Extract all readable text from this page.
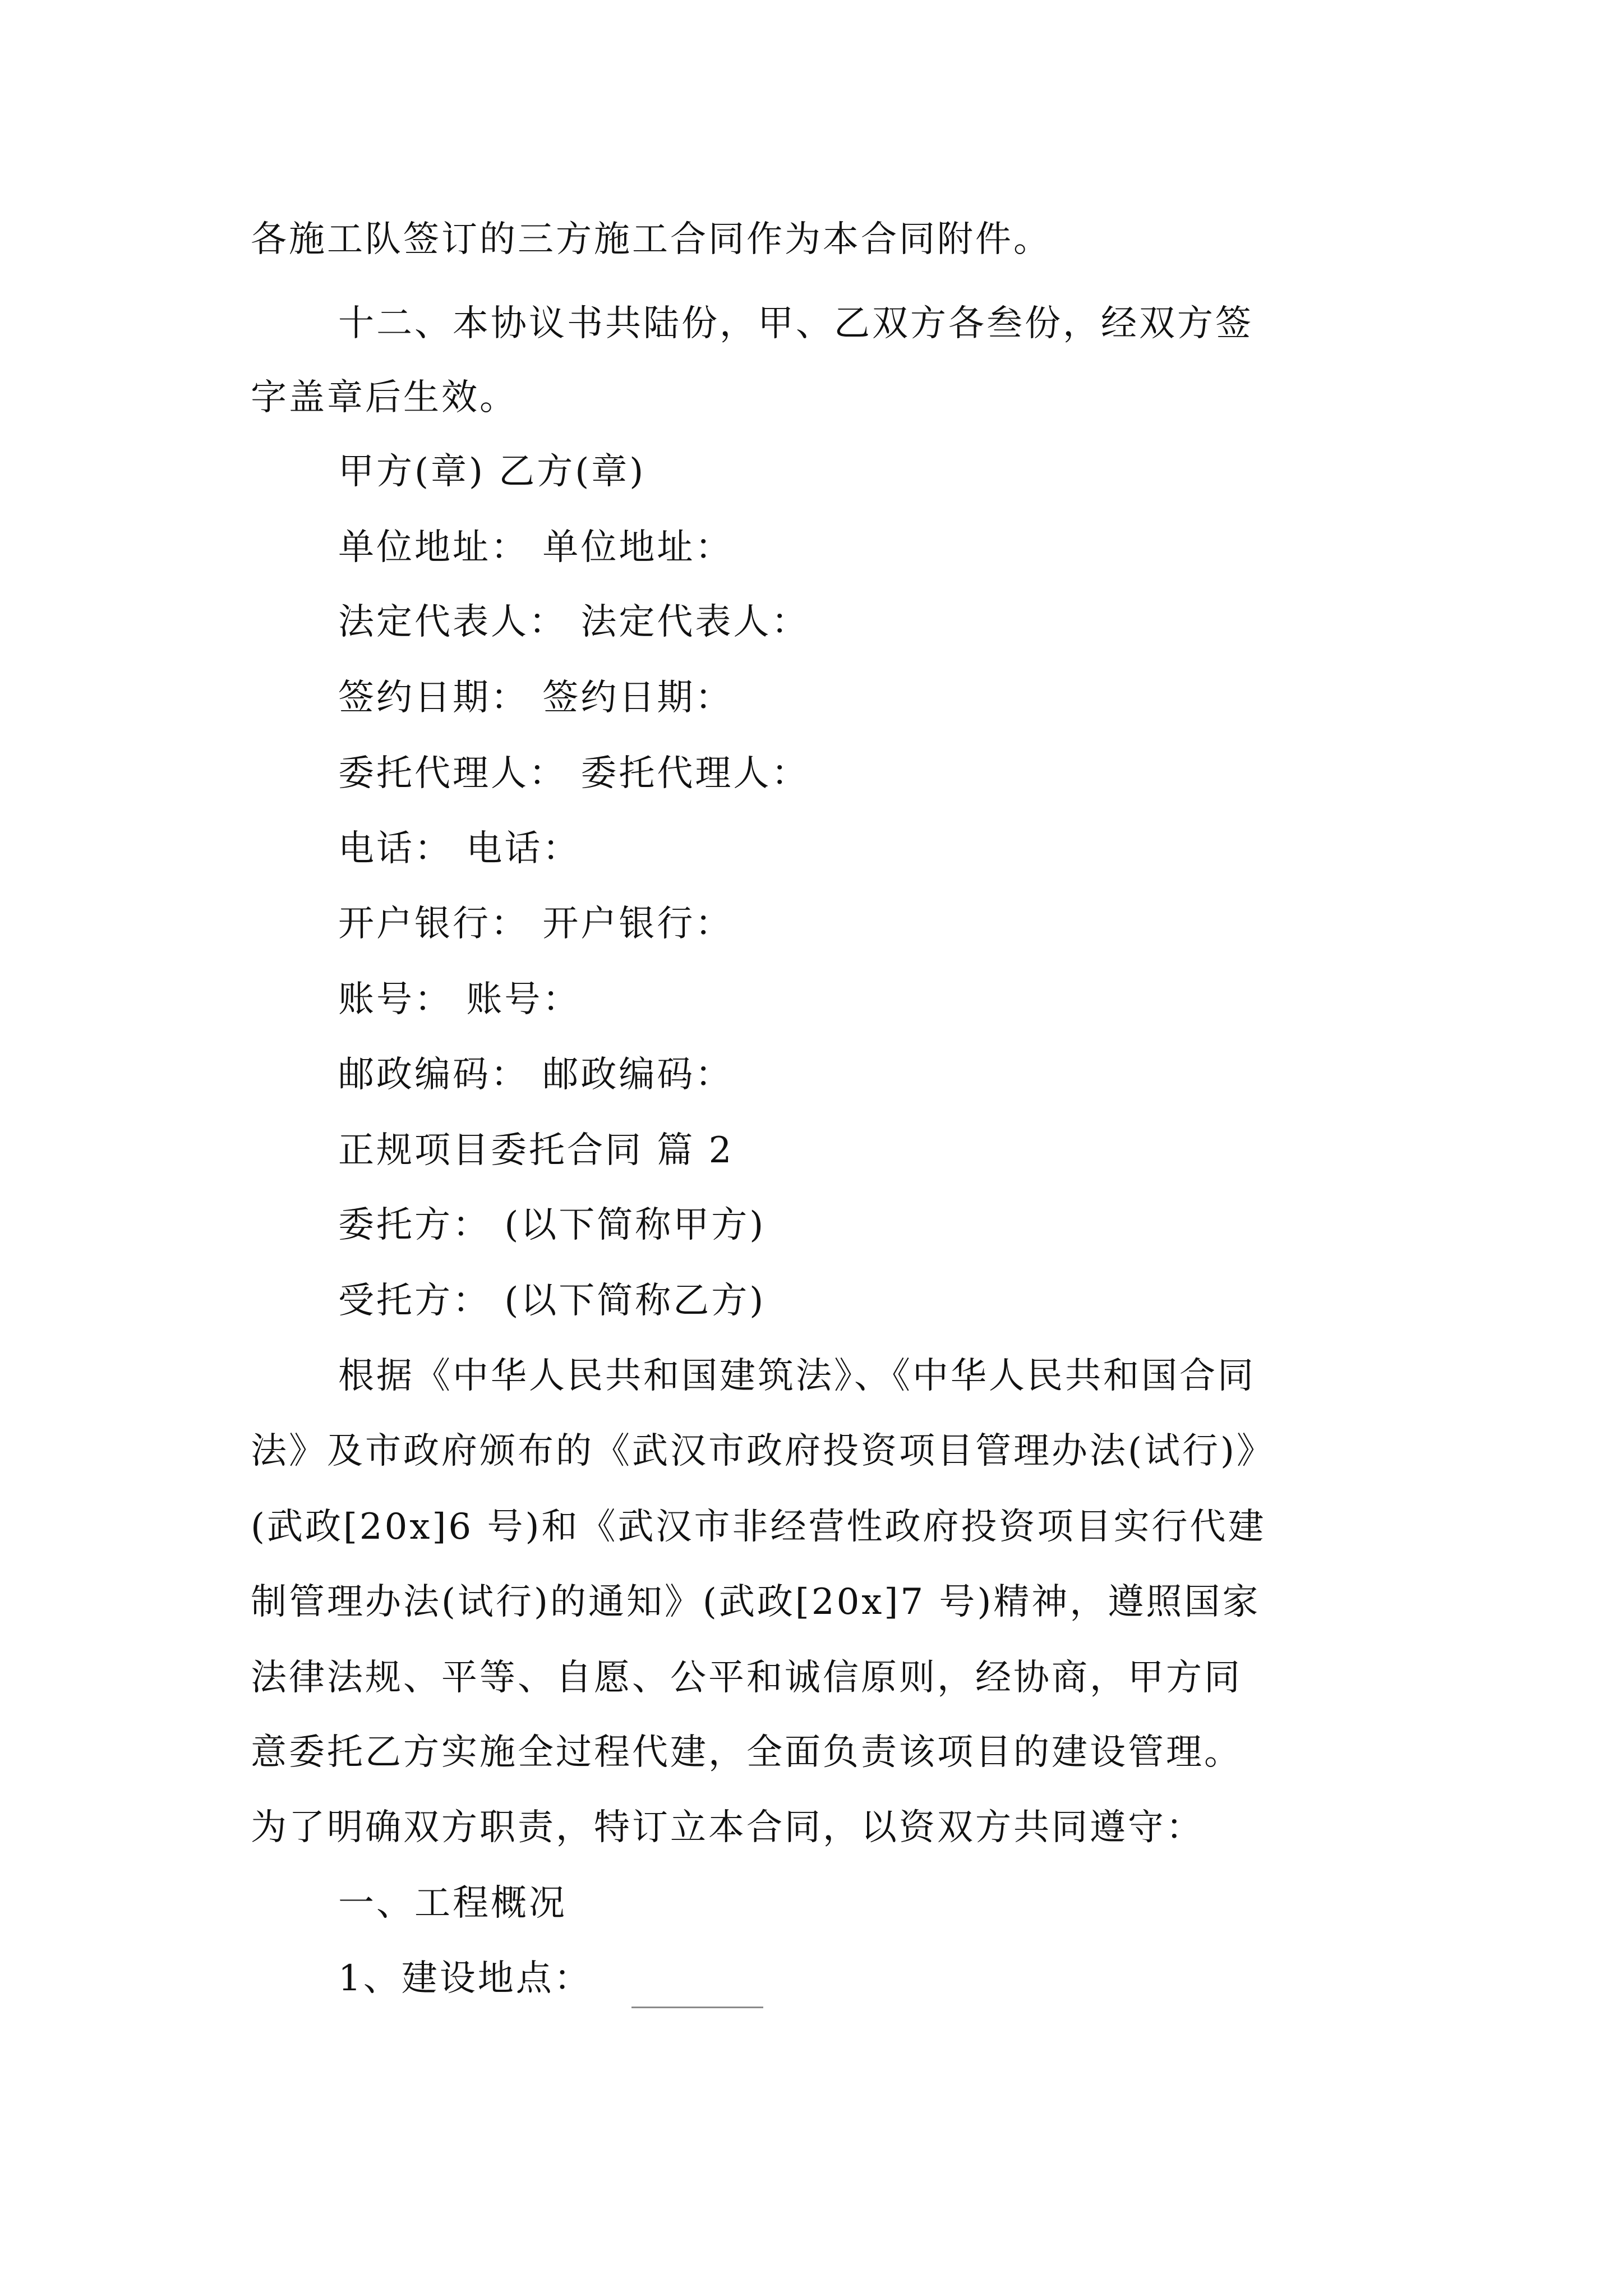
各施工队签订的三方施工合同作为本合同附件。
十二、本协议书共陆份，甲、乙双方各叁份，经双方签
字盖章后生效。
甲方(章) 乙方(章)
单位地址： 单位地址：
法定代表人： 法定代表人：
签约日期： 签约日期：
委托代理人： 委托代理人：
电话： 电话：
开户银行： 开户银行：
账号： 账号：
邮政编码： 邮政编码：
正规项目委托合同 篇 2
委托方： (以下简称甲方)
受托方： (以下简称乙方)
根据《中华人民共和国建筑法》、《中华人民共和国合同
法》及市政府颁布的《武汉市政府投资项目管理办法(试行)》
(武政[20x]6 号)和《武汉市非经营性政府投资项目实行代建
制管理办法(试行)的通知》(武政[20x]7 号)精神，遵照国家
法律法规、平等、自愿、公平和诚信原则，经协商，甲方同
意委托乙方实施全过程代建，全面负责该项目的建设管理。
为了明确双方职责，特订立本合同，以资双方共同遵守：
一、工程概况
1、建设地点：
